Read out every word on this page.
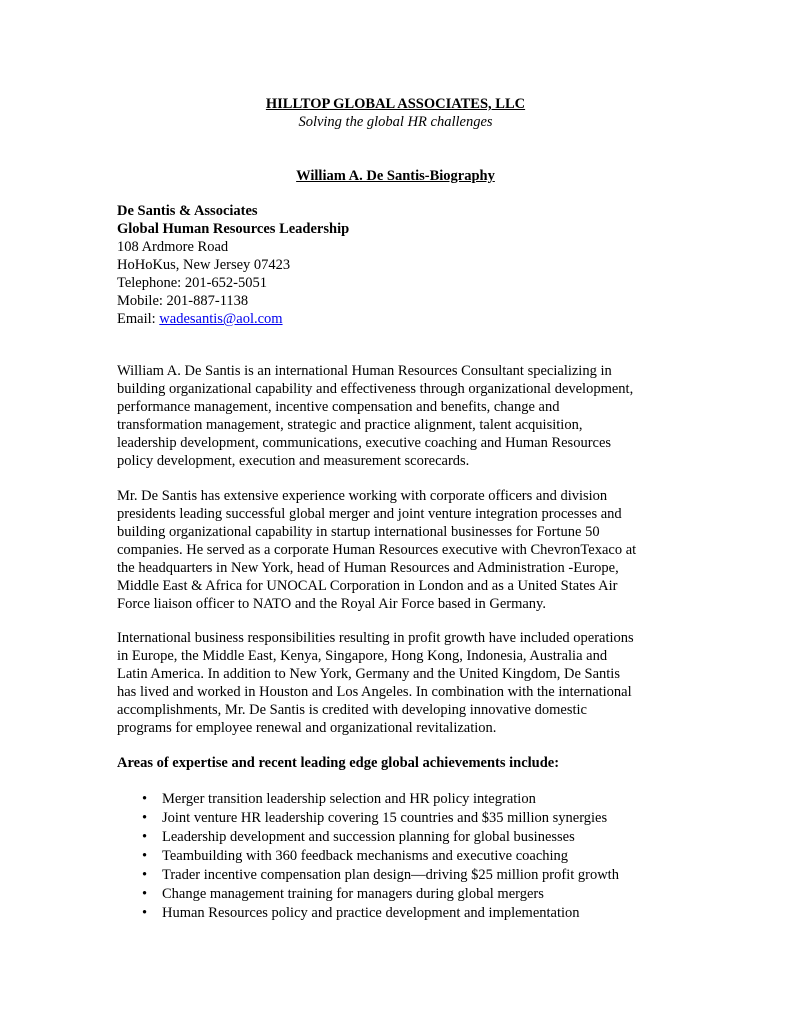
HILLTOP GLOBAL ASSOCIATES, LLC
Solving the global HR challenges
William A. De Santis-Biography
De Santis & Associates
Global Human Resources Leadership
108 Ardmore Road
HoHoKus, New Jersey 07423
Telephone: 201-652-5051
Mobile: 201-887-1138
Email: wadesantis@aol.com
William A. De Santis is an international Human Resources Consultant specializing in
building organizational capability and effectiveness through organizational development,
performance management, incentive compensation and benefits, change and
transformation management, strategic and practice alignment, talent acquisition,
leadership development, communications, executive coaching and Human Resources
policy development, execution and measurement scorecards.
Mr. De Santis has extensive experience working with corporate officers and division
presidents leading successful global merger and joint venture integration processes and
building organizational capability in startup international businesses for Fortune 50
companies. He served as a corporate Human Resources executive with ChevronTexaco at
the headquarters in New York, head of Human Resources and Administration -Europe,
Middle East & Africa for UNOCAL Corporation in London and as a United States Air
Force liaison officer to NATO and the Royal Air Force based in Germany.
International business responsibilities resulting in profit growth have included operations
in Europe, the Middle East, Kenya, Singapore, Hong Kong, Indonesia, Australia and
Latin America. In addition to New York, Germany and the United Kingdom, De Santis
has lived and worked in Houston and Los Angeles. In combination with the international
accomplishments, Mr. De Santis is credited with developing innovative domestic
programs for employee renewal and organizational revitalization.
Areas of expertise and recent leading edge global achievements include:
• Merger transition leadership selection and HR policy integration
• Joint venture HR leadership covering 15 countries and $35 million synergies
• Leadership development and succession planning for global businesses
• Teambuilding with 360 feedback mechanisms and executive coaching
• Trader incentive compensation plan design—driving $25 million profit growth
• Change management training for managers during global mergers
• Human Resources policy and practice development and implementation
